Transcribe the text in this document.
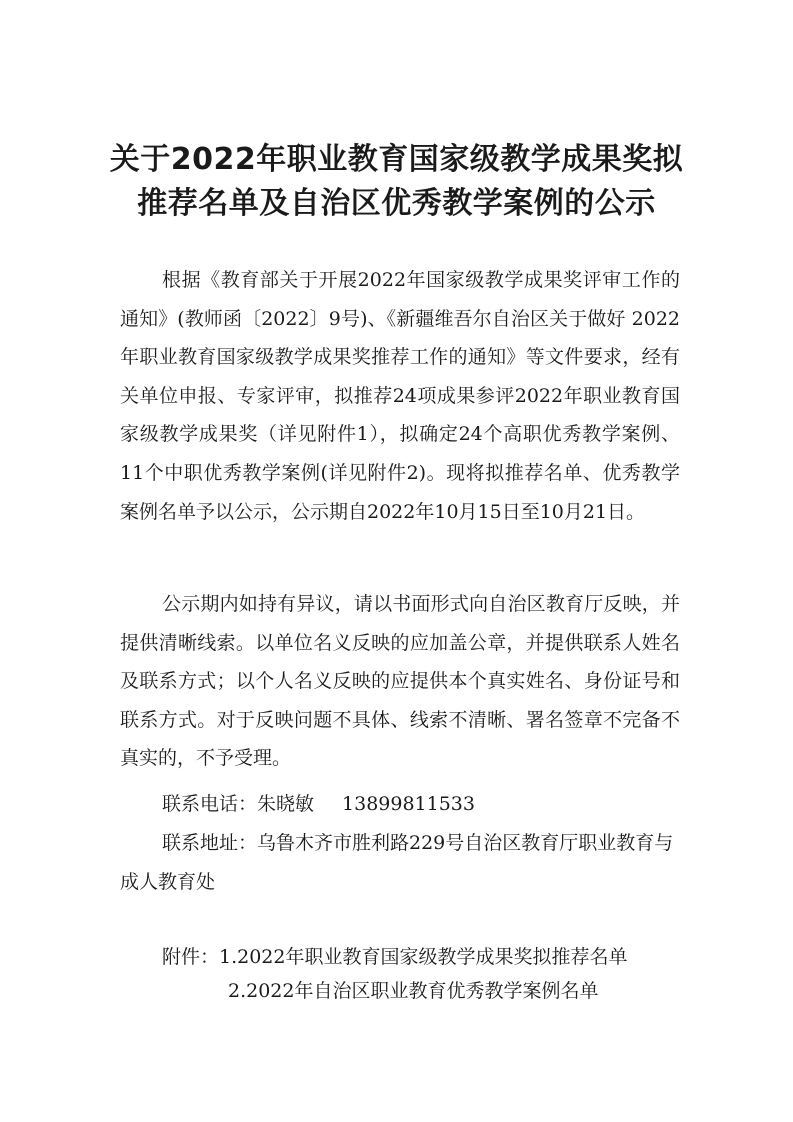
关于2022年职业教育国家级教学成果奖拟
推荐名单及自治区优秀教学案例的公示

根据《教育部关于开展2022年国家级教学成果奖评审工作的通知》(教师函〔2022〕9号)、《新疆维吾尔自治区关于做好 2022年职业教育国家级教学成果奖推荐工作的通知》等文件要求，经有关单位申报、专家评审，拟推荐24项成果参评2022年职业教育国家级教学成果奖（详见附件1），拟确定24个高职优秀教学案例、11个中职优秀教学案例(详见附件2)。现将拟推荐名单、优秀教学案例名单予以公示，公示期自2022年10月15日至10月21日。

公示期内如持有异议，请以书面形式向自治区教育厅反映，并提供清晰线索。以单位名义反映的应加盖公章，并提供联系人姓名及联系方式；以个人名义反映的应提供本个真实姓名、身份证号和联系方式。对于反映问题不具体、线索不清晰、署名签章不完备不真实的，不予受理。

联系电话：朱晓敏 13899811533

联系地址：乌鲁木齐市胜利路229号自治区教育厅职业教育与成人教育处

附件：1.2022年职业教育国家级教学成果奖拟推荐名单

2.2022年自治区职业教育优秀教学案例名单
